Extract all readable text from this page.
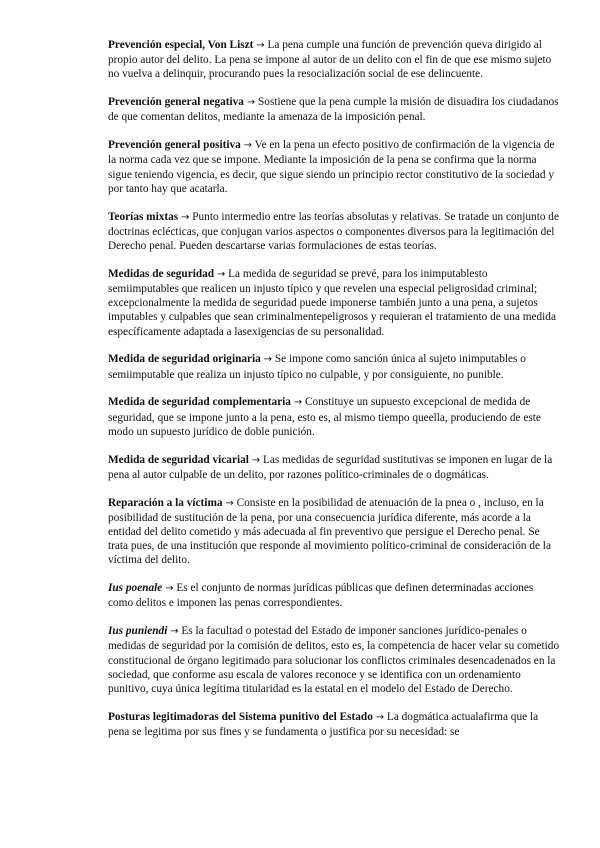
Prevención especial, Von Liszt → La pena cumple una función de prevención queva dirigido al propio autor del delito. La pena se impone al autor de un delito con el fin de que ese mismo sujeto no vuelva a delinquir, procurando pues la resocialización social de ese delincuente.

Prevención general negativa → Sostiene que la pena cumple la misión de disuadira los ciudadanos de que comentan delitos, mediante la amenaza de la imposición penal.

Prevención general positiva → Ve en la pena un efecto positivo de confirmación de la vigencia de la norma cada vez que se impone. Mediante la imposición de la pena se confirma que la norma sigue teniendo vigencia, es decir, que sigue siendo un principio rector constitutivo de la sociedad y por tanto hay que acatarla.

Teorías mixtas → Punto intermedio entre las teorías absolutas y relativas. Se tratade un conjunto de doctrinas eclécticas, que conjugan varios aspectos o componentes diversos para la legitimación del Derecho penal. Pueden descartarse varias formulaciones de estas teorías.

Medidas de seguridad → La medida de seguridad se prevé, para los inimputablesto semiimputables que realicen un injusto típico y que revelen una especial peligrosidad criminal; excepcionalmente la medida de seguridad puede imponerse también junto a una pena, a sujetos imputables y culpables que sean criminalmentepeligrosos y requieran el tratamiento de una medida específicamente adaptada a lasexigencias de su personalidad.

Medida de seguridad originaria → Se impone como sanción única al sujeto inimputables o semiimputable que realiza un injusto típico no culpable, y por consiguiente, no punible.

Medida de seguridad complementaria → Constituye un supuesto excepcional de medida de seguridad, que se impone junto a la pena, esto es, al mismo tiempo queella, produciendo de este modo un supuesto jurídico de doble punición.

Medida de seguridad vicarial → Las medidas de seguridad sustitutivas se imponen en lugar de la pena al autor culpable de un delito, por razones político-criminales de o dogmáticas.

Reparación a la víctima → Consiste en la posibilidad de atenuación de la pnea o , incluso, en la posibilidad de sustitución de la pena, por una consecuencia jurídica diferente, más acorde a la entidad del delito cometido y más adecuada al fin preventivo que persigue el Derecho penal. Se trata pues, de una institución que responde al movimiento político-criminal de consideración de la víctima del delito.

Ius poenale → Es el conjunto de normas jurídicas públicas que definen determinadas acciones como delitos e imponen las penas correspondientes.

Ius puniendi → Es la facultad o potestad del Estado de imponer sanciones jurídico-penales o medidas de seguridad por la comisión de delitos, esto es, la competencia de hacer velar su cometido constitucional de órgano legitimado para solucionar los conflictos criminales desencadenados en la sociedad, que conforme asu escala de valores reconoce y se identifica con un ordenamiento punitivo, cuya única legítima titularidad es la estatal en el modelo del Estado de Derecho.

Posturas legitimadoras del Sistema punitivo del Estado → La dogmática actualafirma que la pena se legitima por sus fines y se fundamenta o justifica por su necesidad: se
